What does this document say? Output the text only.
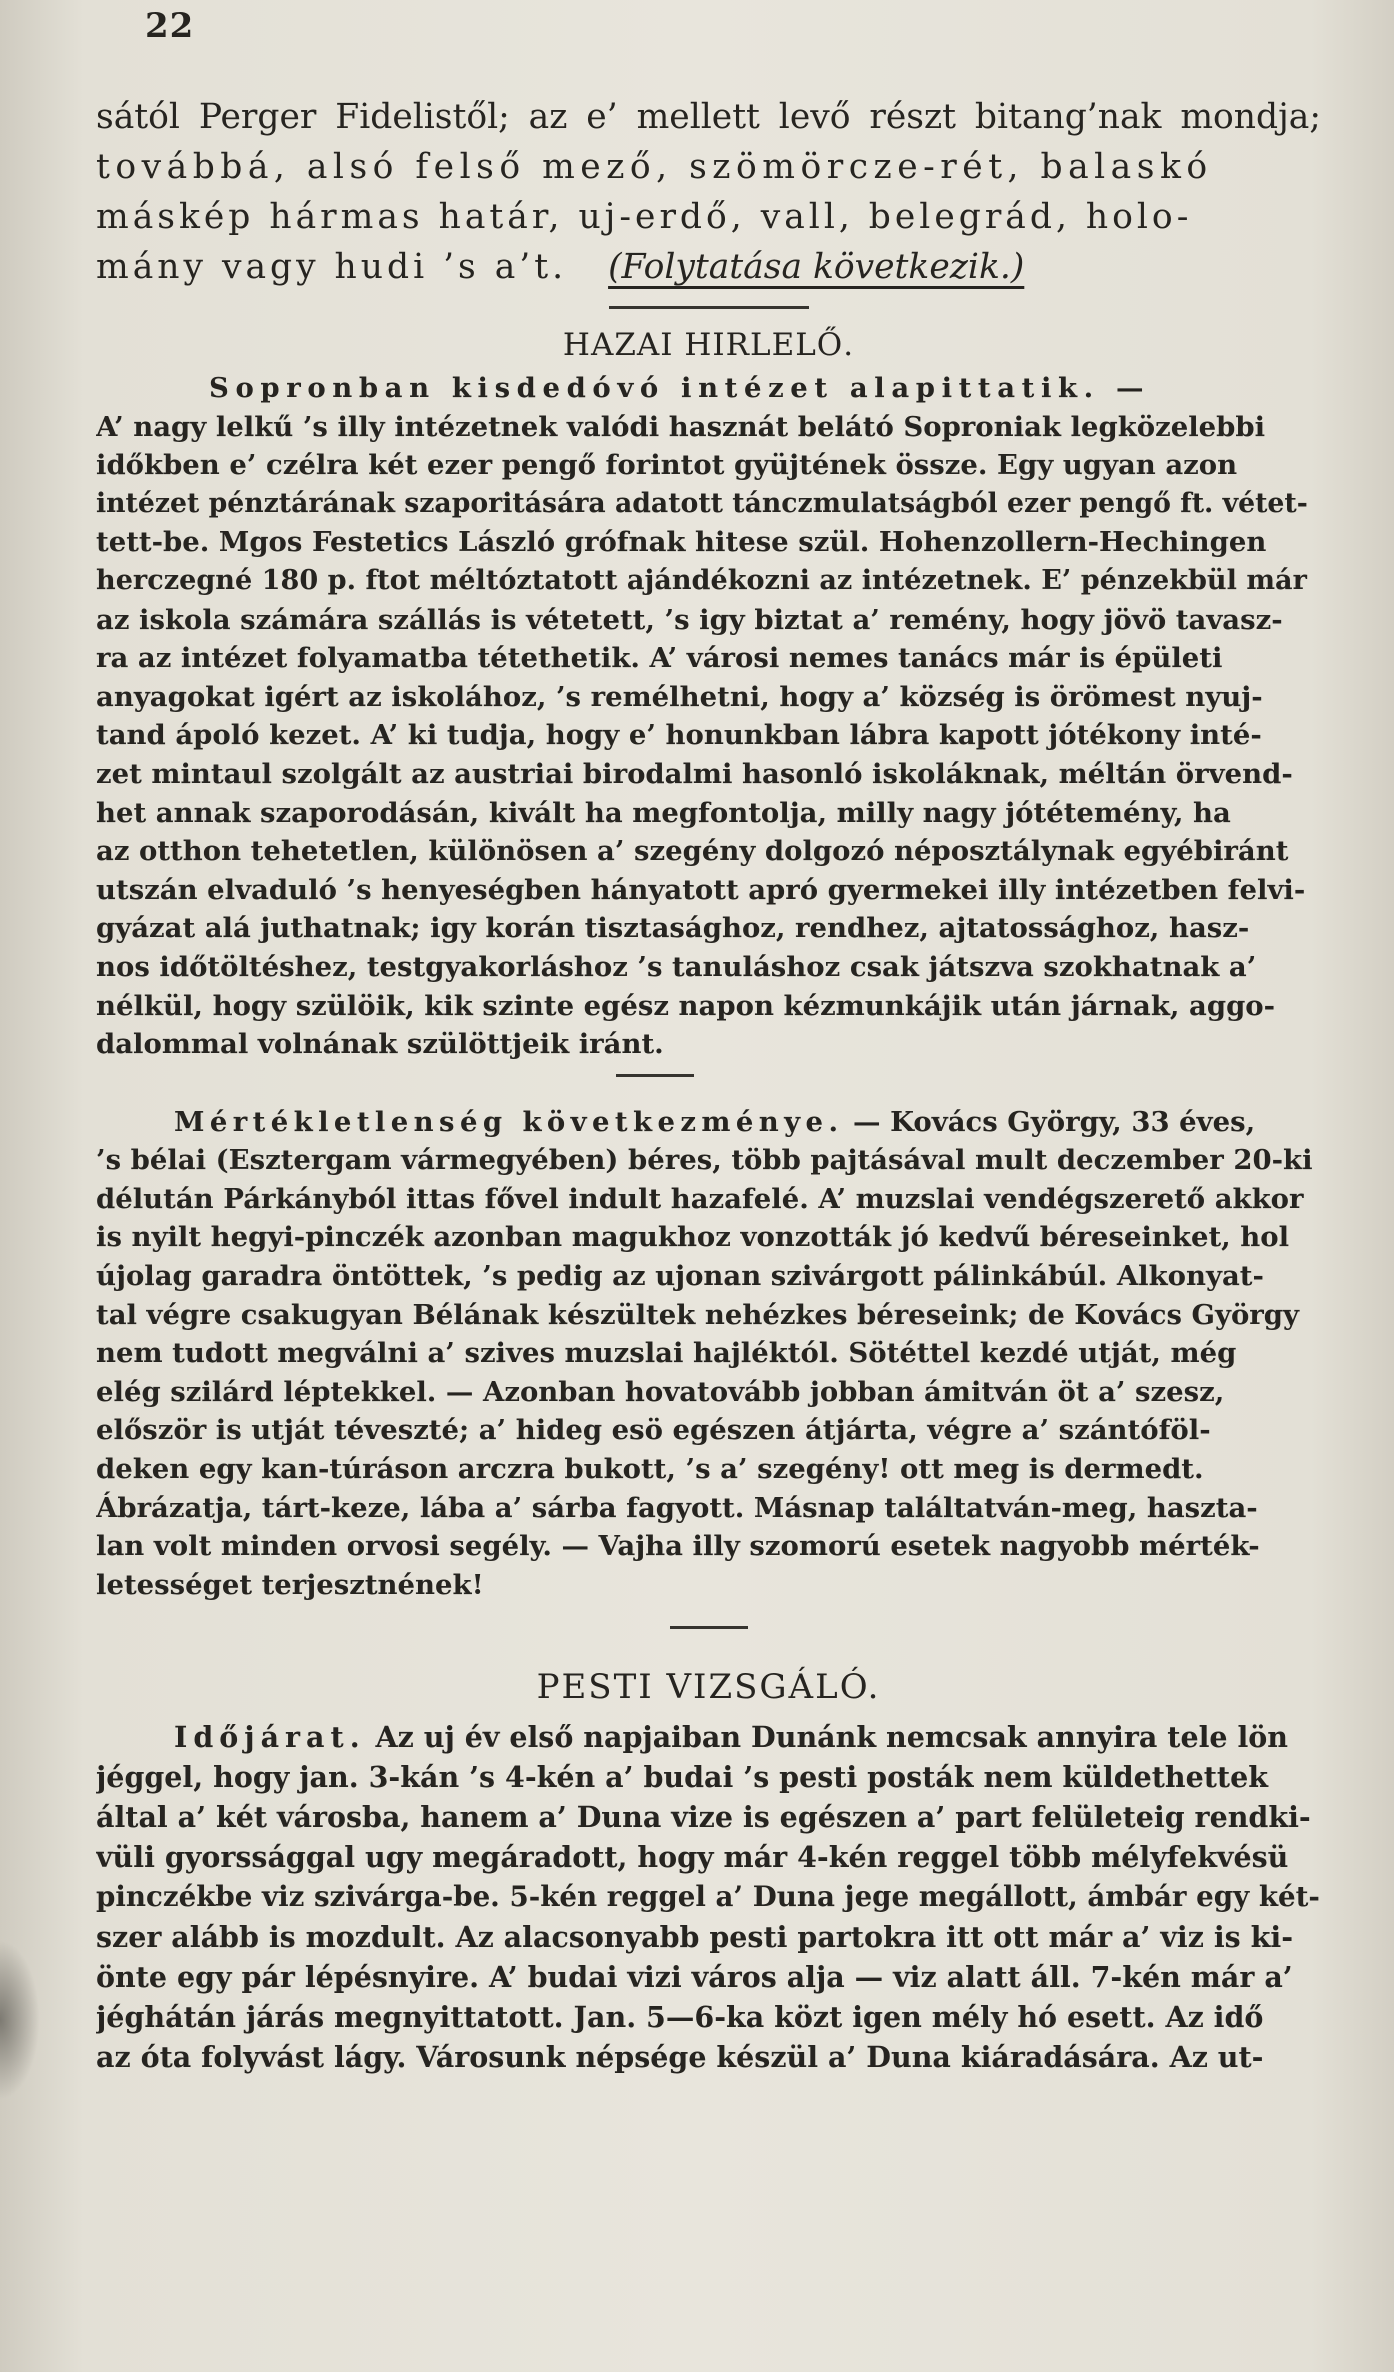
22

sától Perger Fidelistől; az e’ mellett levő részt bitang’nak mondja;
továbbá, alsó felső mező, szömörcze-rét, balaskó
máskép hármas határ, uj-erdő, vall, belegrád, holo-
mány vagy hudi ’s a’t. (Folytatása következik.)

HAZAI HIRLELŐ.

Sopronban kisdedóvó intézet alapittatik. —
A’ nagy lelkű ’s illy intézetnek valódi hasznát belátó Soproniak legközelebbi
időkben e’ czélra két ezer pengő forintot gyüjtének össze. Egy ugyan azon
intézet pénztárának szaporitására adatott tánczmulatságból ezer pengő ft. vétet-
tett-be. Mgos Festetics László grófnak hitese szül. Hohenzollern-Hechingen
herczegné 180 p. ftot méltóztatott ajándékozni az intézetnek. E’ pénzekbül már
az iskola számára szállás is vétetett, ’s igy biztat a’ remény, hogy jövö tavasz-
ra az intézet folyamatba tétethetik. A’ városi nemes tanács már is épületi
anyagokat igért az iskolához, ’s remélhetni, hogy a’ község is örömest nyuj-
tand ápoló kezet. A’ ki tudja, hogy e’ honunkban lábra kapott jótékony inté-
zet mintaul szolgált az austriai birodalmi hasonló iskoláknak, méltán örvend-
het annak szaporodásán, kivált ha megfontolja, milly nagy jótétemény, ha
az otthon tehetetlen, különösen a’ szegény dolgozó néposztálynak egyébiránt
utszán elvaduló ’s henyeségben hányatott apró gyermekei illy intézetben felvi-
gyázat alá juthatnak; igy korán tisztasághoz, rendhez, ajtatossághoz, hasz-
nos időtöltéshez, testgyakorláshoz ’s tanuláshoz csak játszva szokhatnak a’
nélkül, hogy szülöik, kik szinte egész napon kézmunkájik után járnak, aggo-
dalommal volnának szülöttjeik iránt.

Mértékletlenség következménye. — Kovács György, 33 éves,
’s bélai (Esztergam vármegyében) béres, több pajtásával mult deczember 20-ki
délután Párkányból ittas fővel indult hazafelé. A’ muzslai vendégszerető akkor
is nyilt hegyi-pinczék azonban magukhoz vonzották jó kedvű béreseinket, hol
újolag garadra öntöttek, ’s pedig az ujonan szivárgott pálinkábúl. Alkonyat-
tal végre csakugyan Bélának készültek nehézkes béreseink; de Kovács György
nem tudott megválni a’ szives muzslai hajléktól. Sötéttel kezdé utját, még
elég szilárd léptekkel. — Azonban hovatovább jobban ámitván öt a’ szesz,
először is utját téveszté; a’ hideg esö egészen átjárta, végre a’ szántóföl-
deken egy kan-túráson arczra bukott, ’s a’ szegény! ott meg is dermedt.
Ábrázatja, tárt-keze, lába a’ sárba fagyott. Másnap találtatván-meg, haszta-
lan volt minden orvosi segély. — Vajha illy szomorú esetek nagyobb mérték-
letességet terjesztnének!

PESTI VIZSGÁLÓ.

Időjárat. Az uj év első napjaiban Dunánk nemcsak annyira tele lön
jéggel, hogy jan. 3-kán ’s 4-kén a’ budai ’s pesti posták nem küldethettek
által a’ két városba, hanem a’ Duna vize is egészen a’ part felületeig rendki-
vüli gyorssággal ugy megáradott, hogy már 4-kén reggel több mélyfekvésü
pinczékbe viz szivárga-be. 5-kén reggel a’ Duna jege megállott, ámbár egy két-
szer alább is mozdult. Az alacsonyabb pesti partokra itt ott már a’ viz is ki-
önte egy pár lépésnyire. A’ budai vizi város alja — viz alatt áll. 7-kén már a’
jéghátán járás megnyittatott. Jan. 5—6-ka közt igen mély hó esett. Az idő
az óta folyvást lágy. Városunk népsége készül a’ Duna kiáradására. Az ut-
